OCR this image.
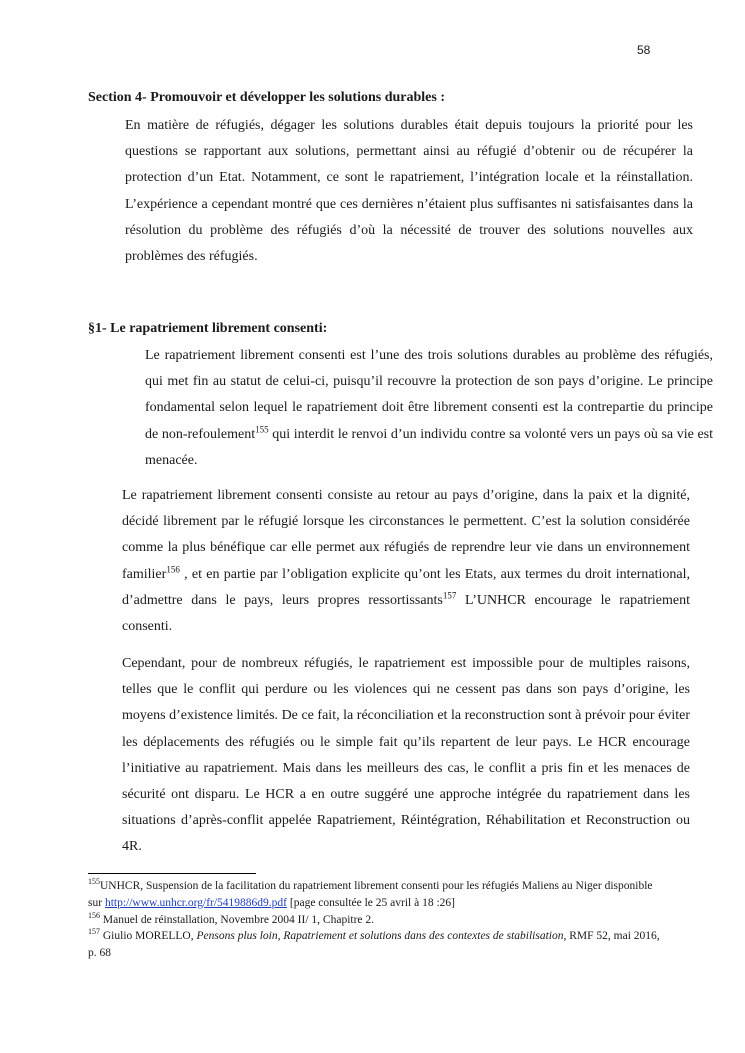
58
Section 4- Promouvoir et développer les solutions durables :

En matière de réfugiés, dégager les solutions durables était depuis toujours la priorité pour les questions se rapportant aux solutions, permettant ainsi au réfugié d’obtenir ou de récupérer la protection d’un Etat. Notamment, ce sont le rapatriement, l’intégration locale et la réinstallation. L’expérience a cependant montré que ces dernières n’étaient plus suffisantes ni satisfaisantes dans la résolution du problème des réfugiés d’où la nécessité de trouver des solutions nouvelles aux problèmes des réfugiés.

§1- Le rapatriement librement consenti:

Le rapatriement librement consenti est l’une des trois solutions durables au problème des réfugiés, qui met fin au statut de celui-ci, puisqu’il recouvre la protection de son pays d’origine. Le principe fondamental selon lequel le rapatriement doit être librement consenti est la contrepartie du principe de non-refoulement$^{155}$ qui interdit le renvoi d’un individu contre sa volonté vers un pays où sa vie est menacée.

Le rapatriement librement consenti consiste au retour au pays d’origine, dans la paix et la dignité, décidé librement par le réfugié lorsque les circonstances le permettent. C’est la solution considérée comme la plus bénéfique car elle permet aux réfugiés de reprendre leur vie dans un environnement familier$^{156}$ , et en partie par l’obligation explicite qu’ont les Etats, aux termes du droit international, d’admettre dans le pays, leurs propres ressortissants$^{157}$ L’UNHCR encourage le rapatriement consenti.

Cependant, pour de nombreux réfugiés, le rapatriement est impossible pour de multiples raisons, telles que le conflit qui perdure ou les violences qui ne cessent pas dans son pays d’origine, les moyens d’existence limités. De ce fait, la réconciliation et la reconstruction sont à prévoir pour éviter les déplacements des réfugiés ou le simple fait qu’ils repartent de leur pays. Le HCR encourage l’initiative au rapatriement. Mais dans les meilleurs des cas, le conflit a pris fin et les menaces de sécurité ont disparu. Le HCR a en outre suggéré une approche intégrée du rapatriement dans les situations d’après-conflit appelée Rapatriement, Réintégration, Réhabilitation et Reconstruction ou 4R.

$^{155}$UNHCR, Suspension de la facilitation du rapatriement librement consenti pour les réfugiés Maliens au Niger disponible sur http://www.unhcr.org/fr/5419886d9.pdf [page consultée le 25 avril à 18 :26]
$^{156}$ Manuel de réinstallation, Novembre 2004 II/ 1, Chapitre 2.
$^{157}$ Giulio MORELLO, Pensons plus loin, Rapatriement et solutions dans des contextes de stabilisation, RMF 52, mai 2016, p. 68
